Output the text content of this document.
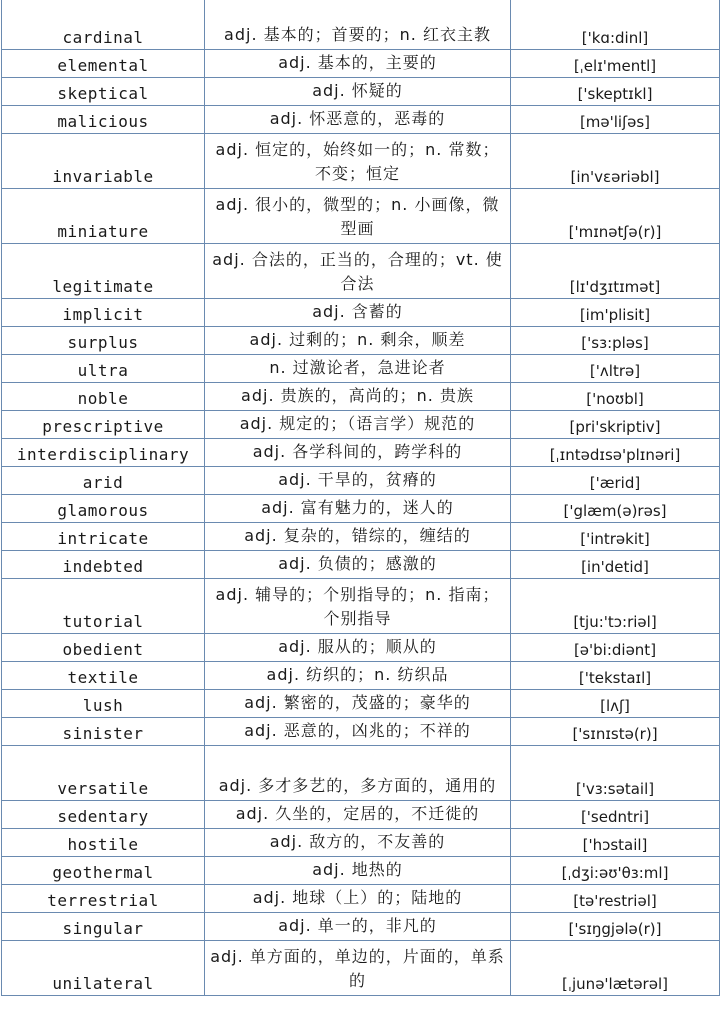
cardinal	adj. 基本的；首要的；n. 红衣主教	['kɑ:dinl]
elemental	adj. 基本的，主要的	[ˌelɪ'mentl]
skeptical	adj. 怀疑的	['skeptɪkl]
malicious	adj. 怀恶意的，恶毒的	[mə'liʃəs]
invariable	adj. 恒定的，始终如一的；n. 常数；不变；恒定	[in'vɛəriəbl]
miniature	adj. 很小的，微型的；n. 小画像，微型画	['mɪnətʃə(r)]
legitimate	adj. 合法的，正当的，合理的；vt. 使合法	[lɪ'dʒɪtɪmət]
implicit	adj. 含蓄的	[im'plisit]
surplus	adj. 过剩的；n. 剩余，顺差	['sɜ:pləs]
ultra	n. 过激论者，急进论者	['ʌltrə]
noble	adj. 贵族的，高尚的；n. 贵族	['noʊbl]
prescriptive	adj. 规定的；（语言学）规范的	[pri'skriptiv]
interdisciplinary	adj. 各学科间的，跨学科的	[ˌɪntədɪsə'plɪnəri]
arid	adj. 干旱的，贫瘠的	['ærid]
glamorous	adj. 富有魅力的，迷人的	['glæm(ə)rəs]
intricate	adj. 复杂的，错综的，缠结的	['intrəkit]
indebted	adj. 负债的；感激的	[in'detid]
tutorial	adj. 辅导的；个别指导的；n. 指南；个别指导	[tju:'tɔ:riəl]
obedient	adj. 服从的；顺从的	[ə'bi:diənt]
textile	adj. 纺织的；n. 纺织品	['tekstaɪl]
lush	adj. 繁密的，茂盛的；豪华的	[lʌʃ]
sinister	adj. 恶意的，凶兆的；不祥的	['sɪnɪstə(r)]
versatile	adj. 多才多艺的，多方面的，通用的	['vɜ:sətail]
sedentary	adj. 久坐的，定居的，不迁徙的	['sedntri]
hostile	adj. 敌方的，不友善的	['hɔstail]
geothermal	adj. 地热的	[ˌdʒi:əʊ'θɜ:ml]
terrestrial	adj. 地球（上）的；陆地的	[tə'restriəl]
singular	adj. 单一的，非凡的	['sɪŋgjələ(r)]
unilateral	adj. 单方面的，单边的，片面的，单系的	[ˌjunə'lætərəl]
